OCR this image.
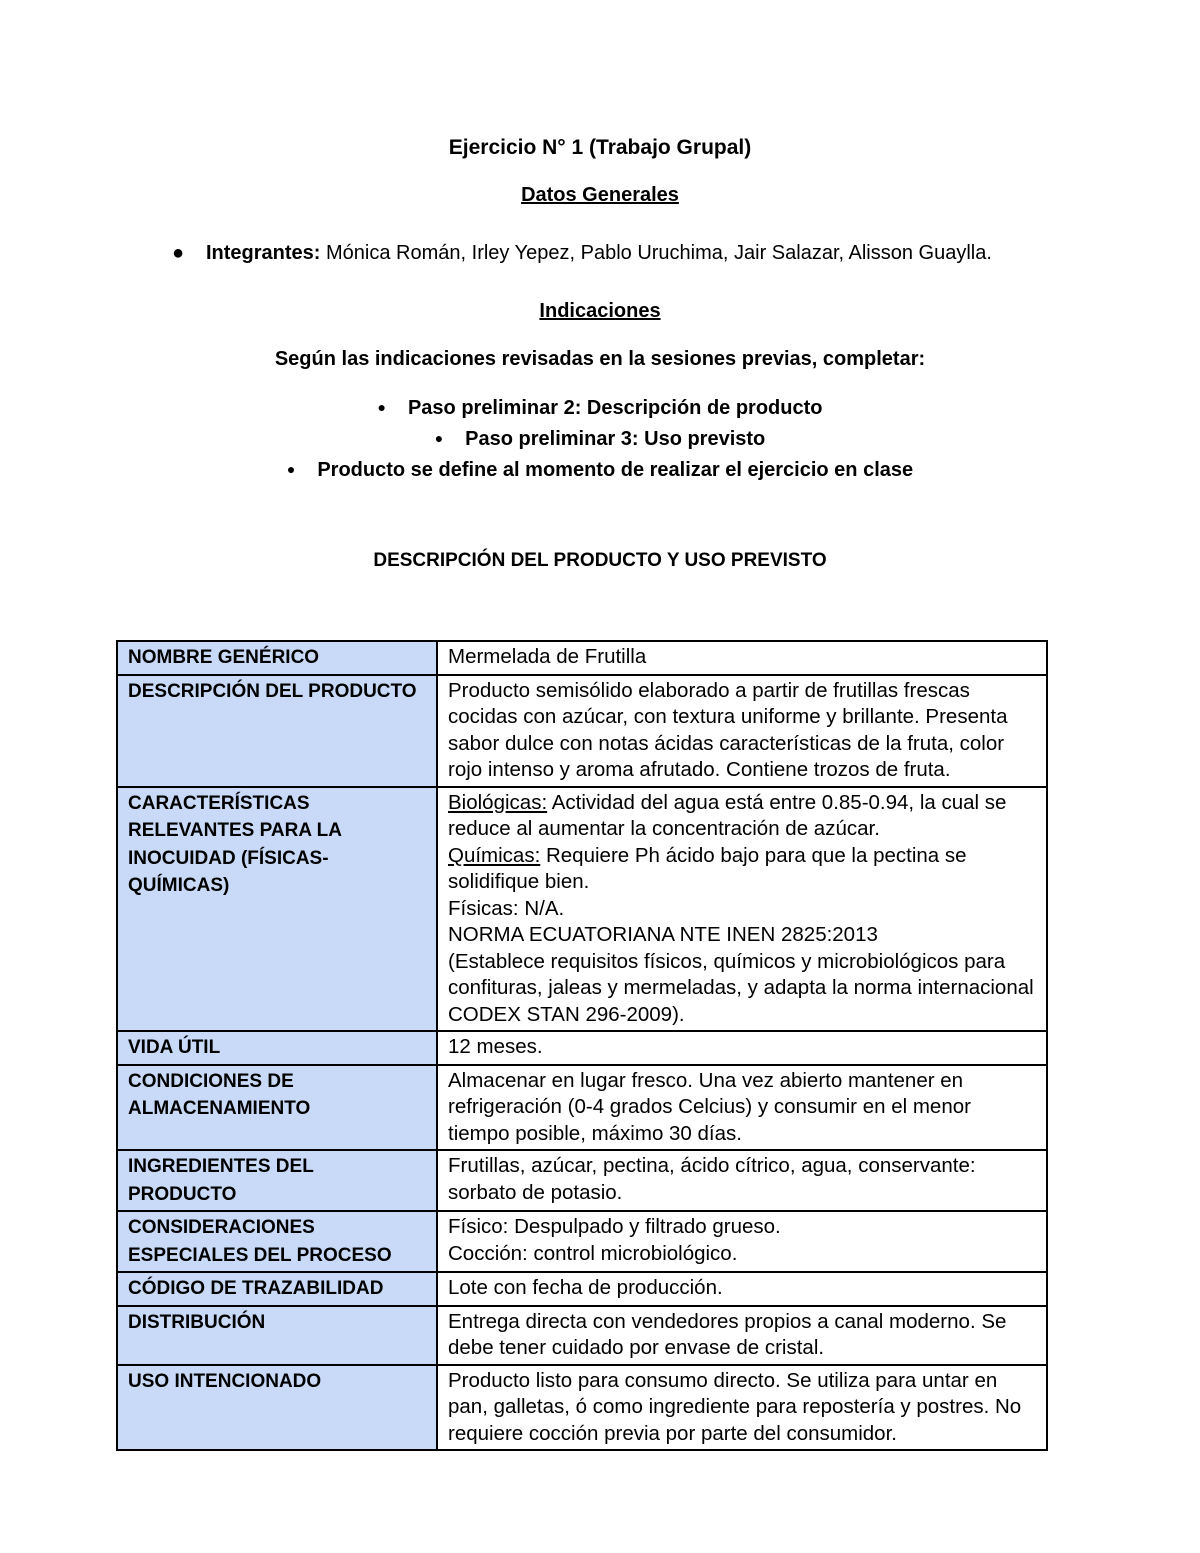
Ejercicio N° 1 (Trabajo Grupal)
Datos Generales
● Integrantes: Mónica Román, Irley Yepez, Pablo Uruchima, Jair Salazar, Alisson Guaylla.
Indicaciones
Según las indicaciones revisadas en la sesiones previas, completar:
● Paso preliminar 2: Descripción de producto
● Paso preliminar 3: Uso previsto
● Producto se define al momento de realizar el ejercicio en clase
DESCRIPCIÓN DEL PRODUCTO Y USO PREVISTO
NOMBRE GENÉRICO	Mermelada de Frutilla
DESCRIPCIÓN DEL PRODUCTO	Producto semisólido elaborado a partir de frutillas frescas cocidas con azúcar, con textura uniforme y brillante. Presenta sabor dulce con notas ácidas características de la fruta, color rojo intenso y aroma afrutado. Contiene trozos de fruta.
CARACTERÍSTICAS RELEVANTES PARA LA INOCUIDAD (FÍSICAS-QUÍMICAS)	Biológicas: Actividad del agua está entre 0.85-0.94, la cual se reduce al aumentar la concentración de azúcar.
Químicas: Requiere Ph ácido bajo para que la pectina se solidifique bien.
Físicas: N/A.
NORMA ECUATORIANA NTE INEN 2825:2013
(Establece requisitos físicos, químicos y microbiológicos para confituras, jaleas y mermeladas, y adapta la norma internacional CODEX STAN 296-2009).

VIDA ÚTIL	12 meses.
CONDICIONES DE ALMACENAMIENTO	Almacenar en lugar fresco. Una vez abierto mantener en refrigeración (0-4 grados Celcius) y consumir en el menor tiempo posible, máximo 30 días.
INGREDIENTES DEL PRODUCTO	Frutillas, azúcar, pectina, ácido cítrico, agua, conservante: sorbato de potasio.
CONSIDERACIONES ESPECIALES DEL PROCESO	Físico: Despulpado y filtrado grueso.
Cocción: control microbiológico.

CÓDIGO DE TRAZABILIDAD	Lote con fecha de producción.
DISTRIBUCIÓN	Entrega directa con vendedores propios a canal moderno. Se debe tener cuidado por envase de cristal.
USO INTENCIONADO	Producto listo para consumo directo. Se utiliza para untar en pan, galletas, ó como ingrediente para repostería y postres. No requiere cocción previa por parte del consumidor.
